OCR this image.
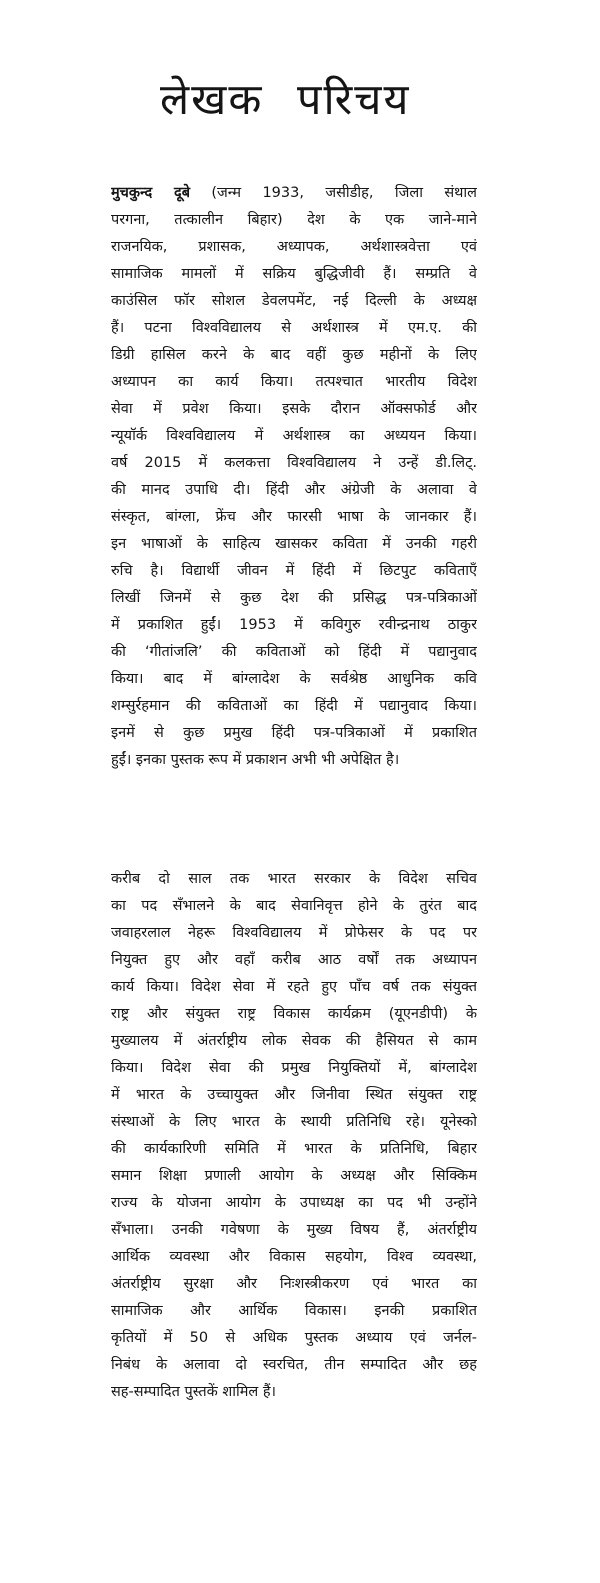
लेखक परिचय
मुचकुन्द दूबे (जन्म 1933, जसीडीह, जिला संथाल
परगना, तत्कालीन बिहार) देश के एक जाने-माने
राजनयिक, प्रशासक, अध्यापक, अर्थशास्त्रवेत्ता एवं
सामाजिक मामलों में सक्रिय बुद्धिजीवी हैं। सम्प्रति वे
काउंसिल फॉर सोशल डेवलपमेंट, नई दिल्ली के अध्यक्ष
हैं। पटना विश्वविद्यालय से अर्थशास्त्र में एम.ए. की
डिग्री हासिल करने के बाद वहीं कुछ महीनों के लिए
अध्यापन का कार्य किया। तत्पश्चात भारतीय विदेश
सेवा में प्रवेश किया। इसके दौरान ऑक्सफोर्ड और
न्यूयॉर्क विश्वविद्यालय में अर्थशास्त्र का अध्ययन किया।
वर्ष 2015 में कलकत्ता विश्वविद्यालय ने उन्हें डी.लिट्.
की मानद उपाधि दी। हिंदी और अंग्रेजी के अलावा वे
संस्कृत, बांग्ला, फ्रेंच और फारसी भाषा के जानकार हैं।
इन भाषाओं के साहित्य खासकर कविता में उनकी गहरी
रुचि है। विद्यार्थी जीवन में हिंदी में छिटपुट कविताएँ
लिखीं जिनमें से कुछ देश की प्रसिद्ध पत्र-पत्रिकाओं
में प्रकाशित हुईं। 1953 में कविगुरु रवीन्द्रनाथ ठाकुर
की ‘गीतांजलि’ की कविताओं को हिंदी में पद्यानुवाद
किया। बाद में बांग्लादेश के सर्वश्रेष्ठ आधुनिक कवि
शम्सुर्रहमान की कविताओं का हिंदी में पद्यानुवाद किया।
इनमें से कुछ प्रमुख हिंदी पत्र-पत्रिकाओं में प्रकाशित
हुईं। इनका पुस्तक रूप में प्रकाशन अभी भी अपेक्षित है।
करीब दो साल तक भारत सरकार के विदेश सचिव
का पद सँभालने के बाद सेवानिवृत्त होने के तुरंत बाद
जवाहरलाल नेहरू विश्वविद्यालय में प्रोफेसर के पद पर
नियुक्त हुए और वहाँ करीब आठ वर्षों तक अध्यापन
कार्य किया। विदेश सेवा में रहते हुए पाँच वर्ष तक संयुक्त
राष्ट्र और संयुक्त राष्ट्र विकास कार्यक्रम (यूएनडीपी) के
मुख्यालय में अंतर्राष्ट्रीय लोक सेवक की हैसियत से काम
किया। विदेश सेवा की प्रमुख नियुक्तियों में, बांग्लादेश
में भारत के उच्चायुक्त और जिनीवा स्थित संयुक्त राष्ट्र
संस्थाओं के लिए भारत के स्थायी प्रतिनिधि रहे। यूनेस्को
की कार्यकारिणी समिति में भारत के प्रतिनिधि, बिहार
समान शिक्षा प्रणाली आयोग के अध्यक्ष और सिक्किम
राज्य के योजना आयोग के उपाध्यक्ष का पद भी उन्होंने
सँभाला। उनकी गवेषणा के मुख्य विषय हैं, अंतर्राष्ट्रीय
आर्थिक व्यवस्था और विकास सहयोग, विश्व व्यवस्था,
अंतर्राष्ट्रीय सुरक्षा और निःशस्त्रीकरण एवं भारत का
सामाजिक और आर्थिक विकास। इनकी प्रकाशित
कृतियों में 50 से अधिक पुस्तक अध्याय एवं जर्नल-
निबंध के अलावा दो स्वरचित, तीन सम्पादित और छह
सह-सम्पादित पुस्तकें शामिल हैं।
